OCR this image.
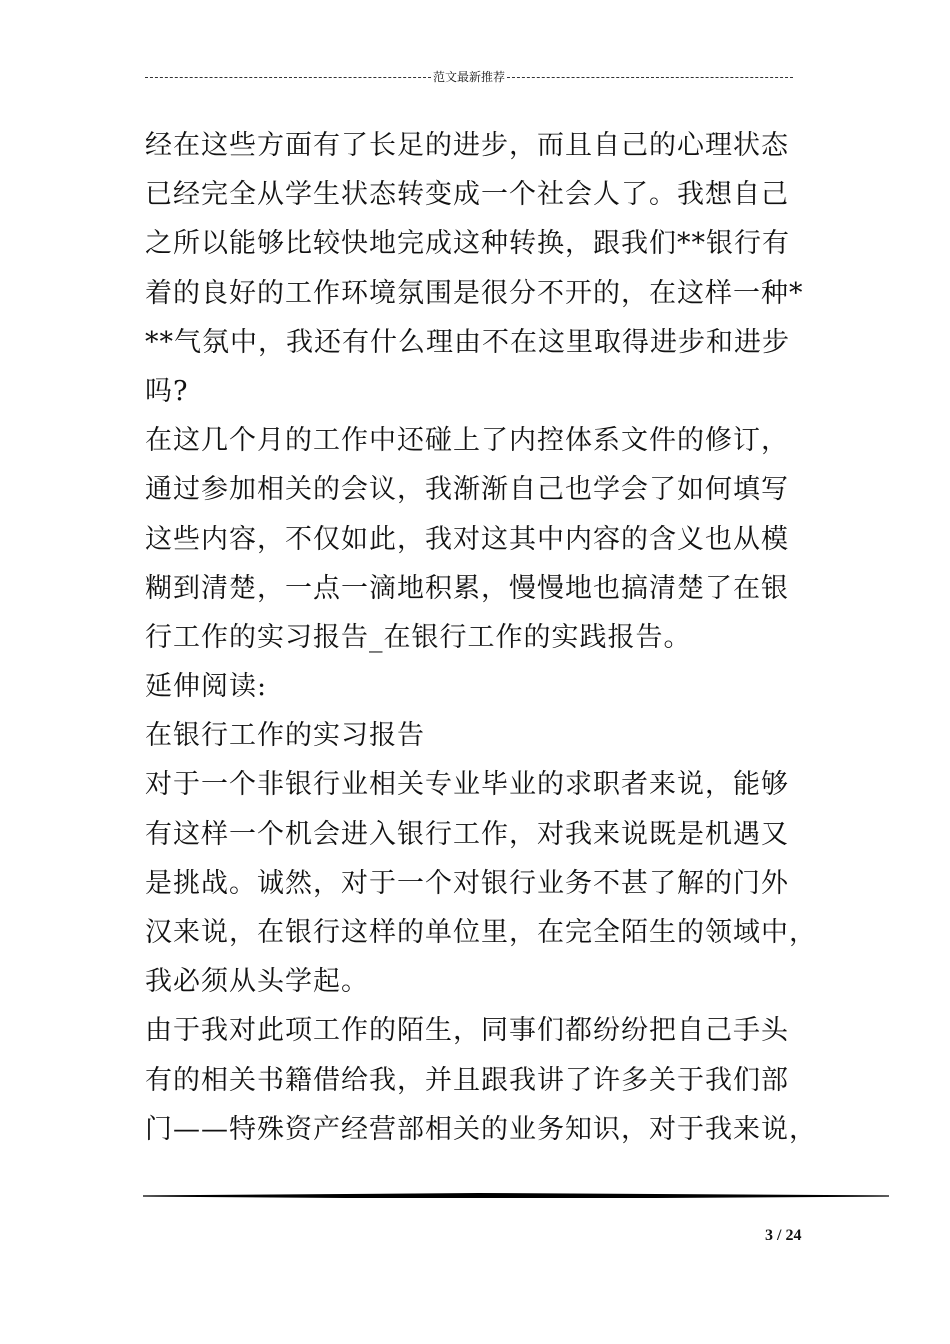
范文最新推荐
经在这些方面有了长足的进步，而且自己的心理状态
已经完全从学生状态转变成一个社会人了。我想自己
之所以能够比较快地完成这种转换，跟我们**银行有
着的良好的工作环境氛围是很分不开的，在这样一种*
**气氛中，我还有什么理由不在这里取得进步和进步
吗?
在这几个月的工作中还碰上了内控体系文件的修订，
通过参加相关的会议，我渐渐自己也学会了如何填写
这些内容，不仅如此，我对这其中内容的含义也从模
糊到清楚，一点一滴地积累，慢慢地也搞清楚了在银
行工作的实习报告_在银行工作的实践报告。
延伸阅读:
在银行工作的实习报告
对于一个非银行业相关专业毕业的求职者来说，能够
有这样一个机会进入银行工作，对我来说既是机遇又
是挑战。诚然，对于一个对银行业务不甚了解的门外
汉来说，在银行这样的单位里，在完全陌生的领域中，
我必须从头学起。
由于我对此项工作的陌生，同事们都纷纷把自己手头
有的相关书籍借给我，并且跟我讲了许多关于我们部
门——特殊资产经营部相关的业务知识，对于我来说，
3 / 24
